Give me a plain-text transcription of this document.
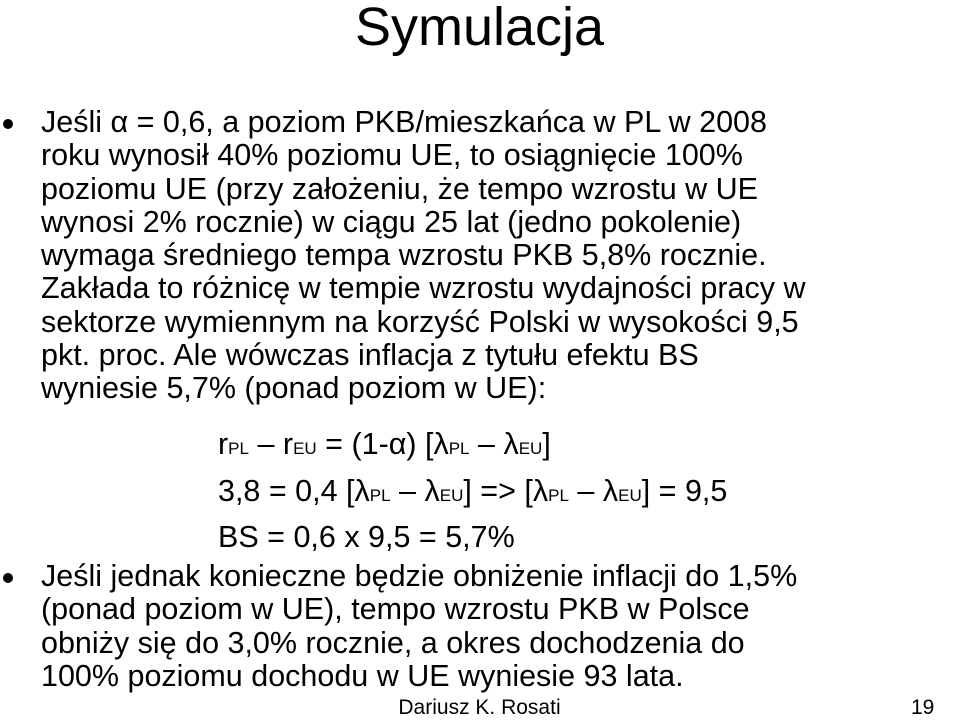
Symulacja
Jeśli α = 0,6, a poziom PKB/mieszkańca w PL w 2008
roku wynosił 40% poziomu UE, to osiągnięcie 100%
poziomu UE (przy założeniu, że tempo wzrostu w UE
wynosi 2% rocznie) w ciągu 25 lat (jedno pokolenie)
wymaga średniego tempa wzrostu PKB 5,8% rocznie.
Zakłada to różnicę w tempie wzrostu wydajności pracy w
sektorze wymiennym na korzyść Polski w wysokości 9,5
pkt. proc. Ale wówczas inflacja z tytułu efektu BS
wyniesie 5,7% (ponad poziom w UE):
rPL – rEU = (1-α) [λPL – λEU]
3,8 = 0,4 [λPL – λEU] => [λPL – λEU] = 9,5
BS = 0,6 x 9,5 = 5,7%
Jeśli jednak konieczne będzie obniżenie inflacji do 1,5%
(ponad poziom w UE), tempo wzrostu PKB w Polsce
obniży się do 3,0% rocznie, a okres dochodzenia do
100% poziomu dochodu w UE wyniesie 93 lata.
Dariusz K. Rosati	19
